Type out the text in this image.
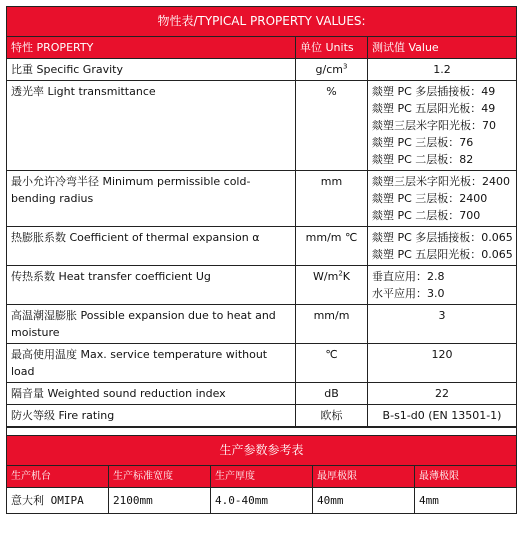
物性表/TYPICAL PROPERTY VALUES:		
特性 PROPERTY	单位 Units	测试值 Value
比重 Specific Gravity	$g/cm^3$	1.2

透光率 Light transmittance	%	燚塑 PC 多层插接板：49
燚塑 PC 五层阳光板：49
燚塑三层米字阳光板：70
燚塑 PC 三层板：76
燚塑 PC 二层板：82

最小允许冷弯半径 Minimum permissible cold-bending radius	mm	燚塑三层米字阳光板：2400
燚塑 PC 三层板：2400
燚塑 PC 二层板：700

热膨胀系数 Coefficient of thermal expansion α	mm/m ℃	燚塑 PC 多层插接板：0.065
燚塑 PC 五层阳光板：0.065

传热系数 Heat transfer coefficient Ug	$W/m^2K$	垂直应用：2.8
水平应用：3.0

高温潮湿膨胀 Possible expansion due to heat and moisture	mm/m	3

最高使用温度 Max. service temperature without load	℃	120

隔音量 Weighted sound reduction index	dB	22

防火等级 Fire rating	欧标	B-s1-d0 (EN 13501-1)

生产参数参考表				
生产机台	生产标准宽度	生产厚度	最厚极限	最薄极限
意大利 OMIPA	2100mm	4.0-40mm	40mm	4mm
